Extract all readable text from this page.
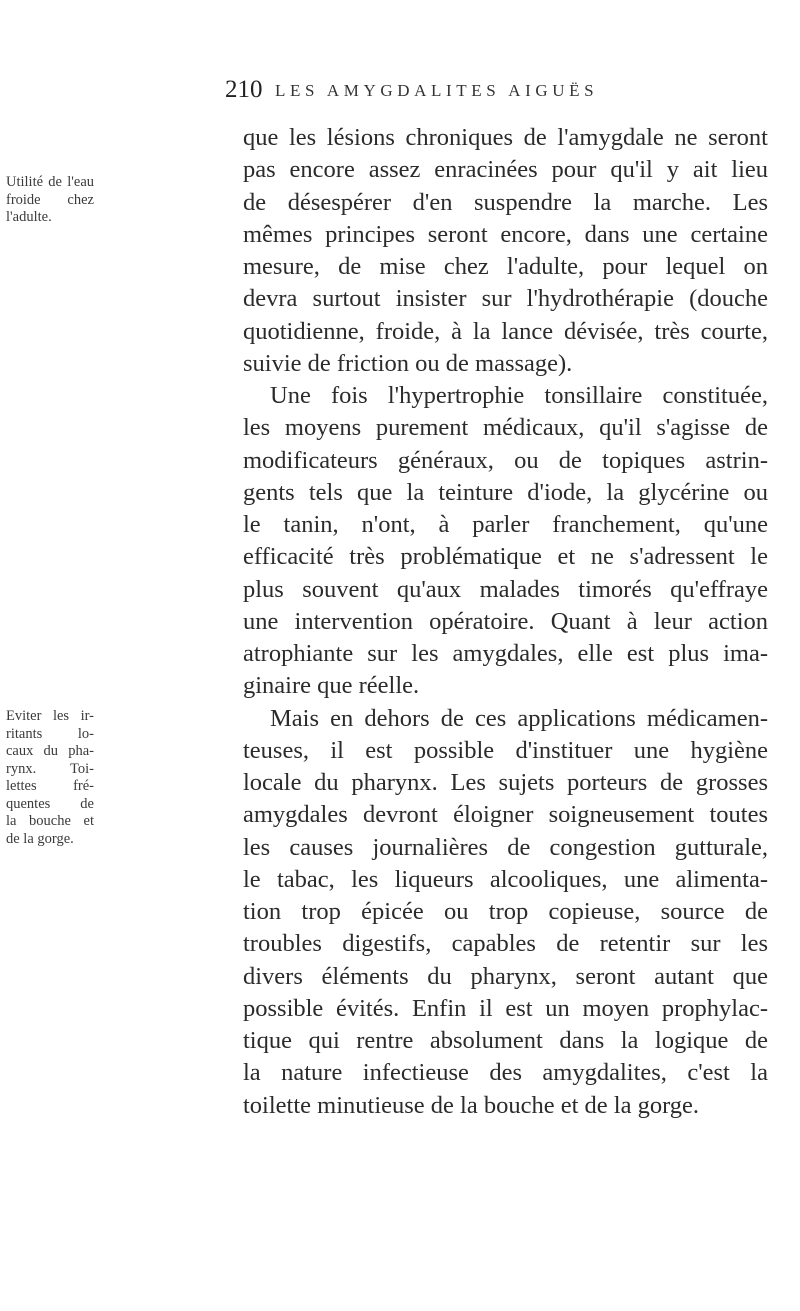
210 LES AMYGDALITES AIGUËS
Utilité de l'eau
froide chez
l'adulte.
Eviter les ir-
ritants lo-
caux du pha-
rynx. Toi-
lettes fré-
quentes de
la bouche et
de la gorge.
que les lésions chroniques de l'amygdale ne seront
pas encore assez enracinées pour qu'il y ait lieu
de désespérer d'en suspendre la marche. Les
mêmes principes seront encore, dans une certaine
mesure, de mise chez l'adulte, pour lequel on
devra surtout insister sur l'hydrothérapie (douche
quotidienne, froide, à la lance dévisée, très courte,
suivie de friction ou de massage).
Une fois l'hypertrophie tonsillaire constituée,
les moyens purement médicaux, qu'il s'agisse de
modificateurs généraux, ou de topiques astrin-
gents tels que la teinture d'iode, la glycérine ou
le tanin, n'ont, à parler franchement, qu'une
efficacité très problématique et ne s'adressent le
plus souvent qu'aux malades timorés qu'effraye
une intervention opératoire. Quant à leur action
atrophiante sur les amygdales, elle est plus ima-
ginaire que réelle.
Mais en dehors de ces applications médicamen-
teuses, il est possible d'instituer une hygiène
locale du pharynx. Les sujets porteurs de grosses
amygdales devront éloigner soigneusement toutes
les causes journalières de congestion gutturale,
le tabac, les liqueurs alcooliques, une alimenta-
tion trop épicée ou trop copieuse, source de
troubles digestifs, capables de retentir sur les
divers éléments du pharynx, seront autant que
possible évités. Enfin il est un moyen prophylac-
tique qui rentre absolument dans la logique de
la nature infectieuse des amygdalites, c'est la
toilette minutieuse de la bouche et de la gorge.
